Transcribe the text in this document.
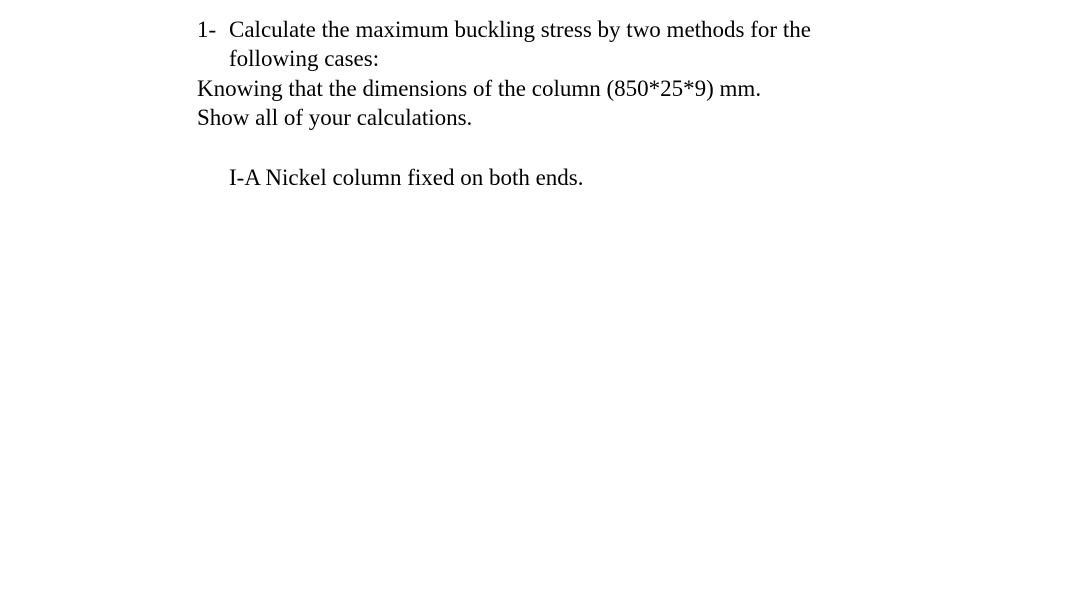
1- Calculate the maximum buckling stress by two methods for the
following cases:
Knowing that the dimensions of the column (850*25*9) mm.
Show all of your calculations.
I-A Nickel column fixed on both ends.
